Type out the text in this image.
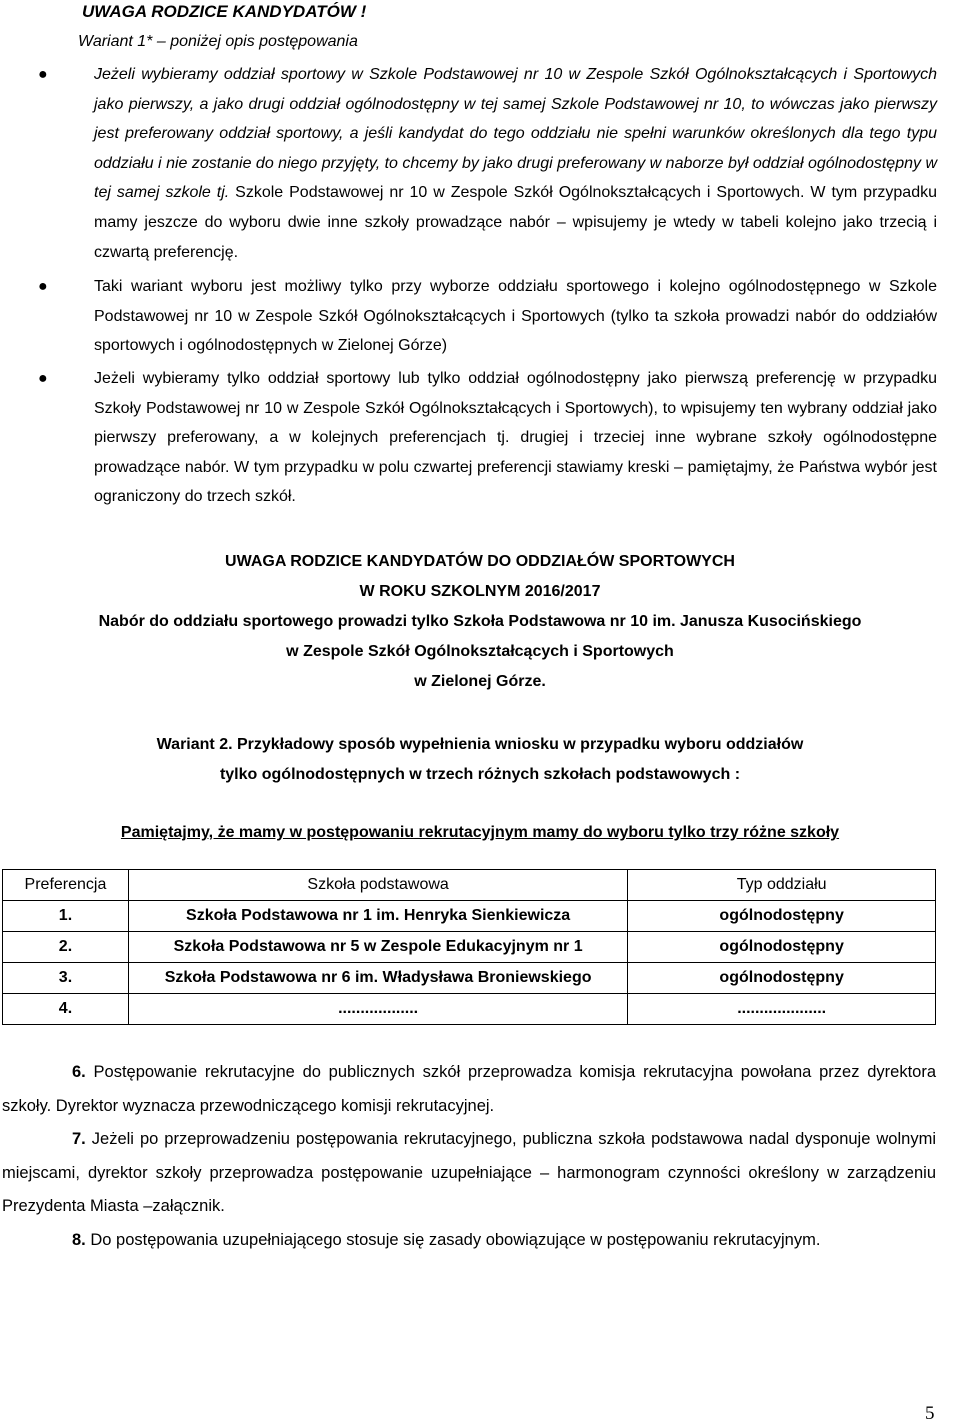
UWAGA RODZICE KANDYDATÓW !
Wariant 1* – poniżej opis postępowania
●	Jeżeli wybieramy oddział sportowy w Szkole Podstawowej nr 10 w Zespole Szkół Ogólnokształcących i Sportowych jako pierwszy, a jako drugi oddział ogólnodostępny w tej samej Szkole Podstawowej nr 10, to wówczas jako pierwszy jest preferowany oddział sportowy, a jeśli kandydat do tego oddziału nie spełni warunków określonych dla tego typu oddziału i nie zostanie do niego przyjęty, to chcemy by jako drugi preferowany w naborze był oddział ogólnodostępny w tej samej szkole tj. Szkole Podstawowej nr 10 w Zespole Szkół Ogólnokształcących i Sportowych. W tym przypadku mamy jeszcze do wyboru dwie inne szkoły prowadzące nabór – wpisujemy je wtedy w tabeli kolejno jako trzecią i czwartą preferencję.

●	Taki wariant wyboru jest możliwy tylko przy wyborze oddziału sportowego i kolejno ogólnodostępnego w Szkole Podstawowej nr 10 w Zespole Szkół Ogólnokształcących i Sportowych (tylko ta szkoła prowadzi nabór do oddziałów sportowych i ogólnodostępnych w Zielonej Górze)

●	Jeżeli wybieramy tylko oddział sportowy lub tylko oddział ogólnodostępny jako pierwszą preferencję w przypadku Szkoły Podstawowej nr 10 w Zespole Szkół Ogólnokształcących i Sportowych), to wpisujemy ten wybrany oddział jako pierwszy preferowany, a w kolejnych preferencjach tj. drugiej i trzeciej inne wybrane szkoły ogólnodostępne prowadzące nabór. W tym przypadku w polu czwartej preferencji stawiamy kreski – pamiętajmy, że Państwa wybór jest ograniczony do trzech szkół.

UWAGA RODZICE KANDYDATÓW DO ODDZIAŁÓW SPORTOWYCH
W ROKU SZKOLNYM 2016/2017
Nabór do oddziału sportowego prowadzi tylko Szkoła Podstawowa nr 10 im. Janusza Kusocińskiego
w Zespole Szkół Ogólnokształcących i Sportowych
w Zielonej Górze.
Wariant 2. Przykładowy sposób wypełnienia wniosku w przypadku wyboru oddziałów
tylko ogólnodostępnych w trzech różnych szkołach podstawowych :
Pamiętajmy, że mamy w postępowaniu rekrutacyjnym mamy do wyboru tylko trzy różne szkoły
Preferencja	Szkoła podstawowa	Typ oddziału
1.	Szkoła Podstawowa nr 1 im. Henryka Sienkiewicza	ogólnodostępny
2.	Szkoła Podstawowa nr 5 w Zespole Edukacyjnym nr 1	ogólnodostępny
3.	Szkoła Podstawowa nr 6 im. Władysława Broniewskiego	ogólnodostępny
4.	..................	....................

6. Postępowanie rekrutacyjne do publicznych szkół przeprowadza komisja rekrutacyjna powołana przez dyrektora szkoły. Dyrektor wyznacza przewodniczącego komisji rekrutacyjnej.

7. Jeżeli po przeprowadzeniu postępowania rekrutacyjnego, publiczna szkoła podstawowa nadal dysponuje wolnymi miejscami, dyrektor szkoły przeprowadza postępowanie uzupełniające – harmonogram czynności określony w zarządzeniu Prezydenta Miasta –załącznik.

8. Do postępowania uzupełniającego stosuje się zasady obowiązujące w postępowaniu rekrutacyjnym.

5
